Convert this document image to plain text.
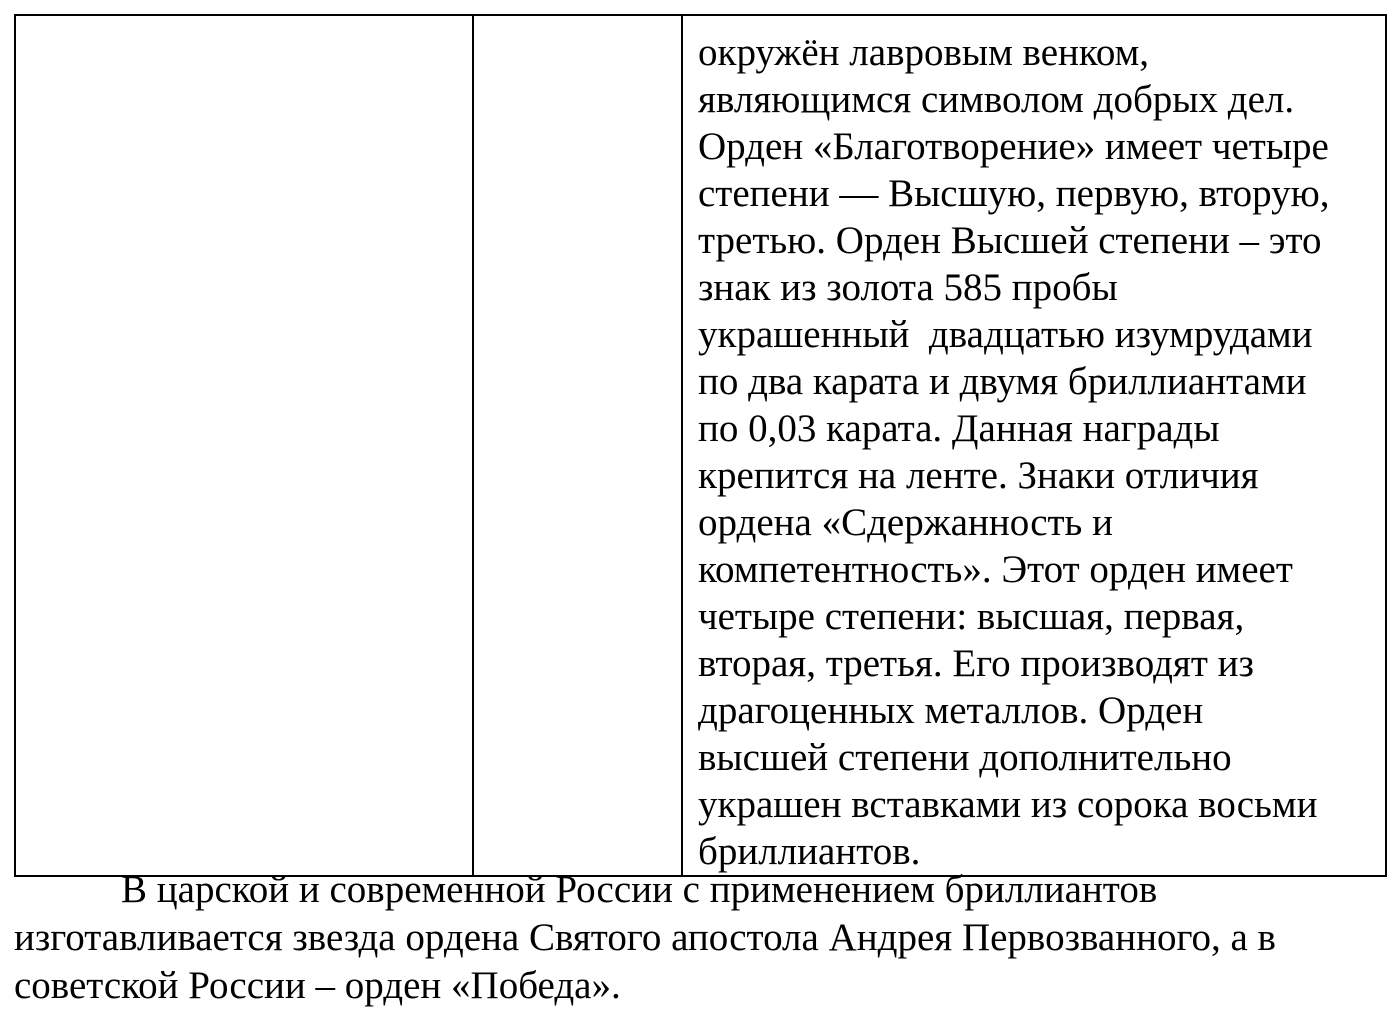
окружён лавровым венком,
являющимся символом добрых дел.
Орден «Благотворение» имеет четыре
степени — Высшую, первую, вторую,
третью. Орден Высшей степени – это
знак из золота 585 пробы
украшенный  двадцатью изумрудами
по два карата и двумя бриллиантами
по 0,03 карата. Данная награды
крепится на ленте. Знаки отличия
ордена «Сдержанность и
компетентность». Этот орден имеет
четыре степени: высшая, первая,
вторая, третья. Его производят из
драгоценных металлов. Орден
высшей степени дополнительно
украшен вставками из сорока восьми
бриллиантов.
В царской и современной России с применением бриллиантов
изготавливается звезда ордена Святого апостола Андрея Первозванного, а в
советской России – орден «Победа».
